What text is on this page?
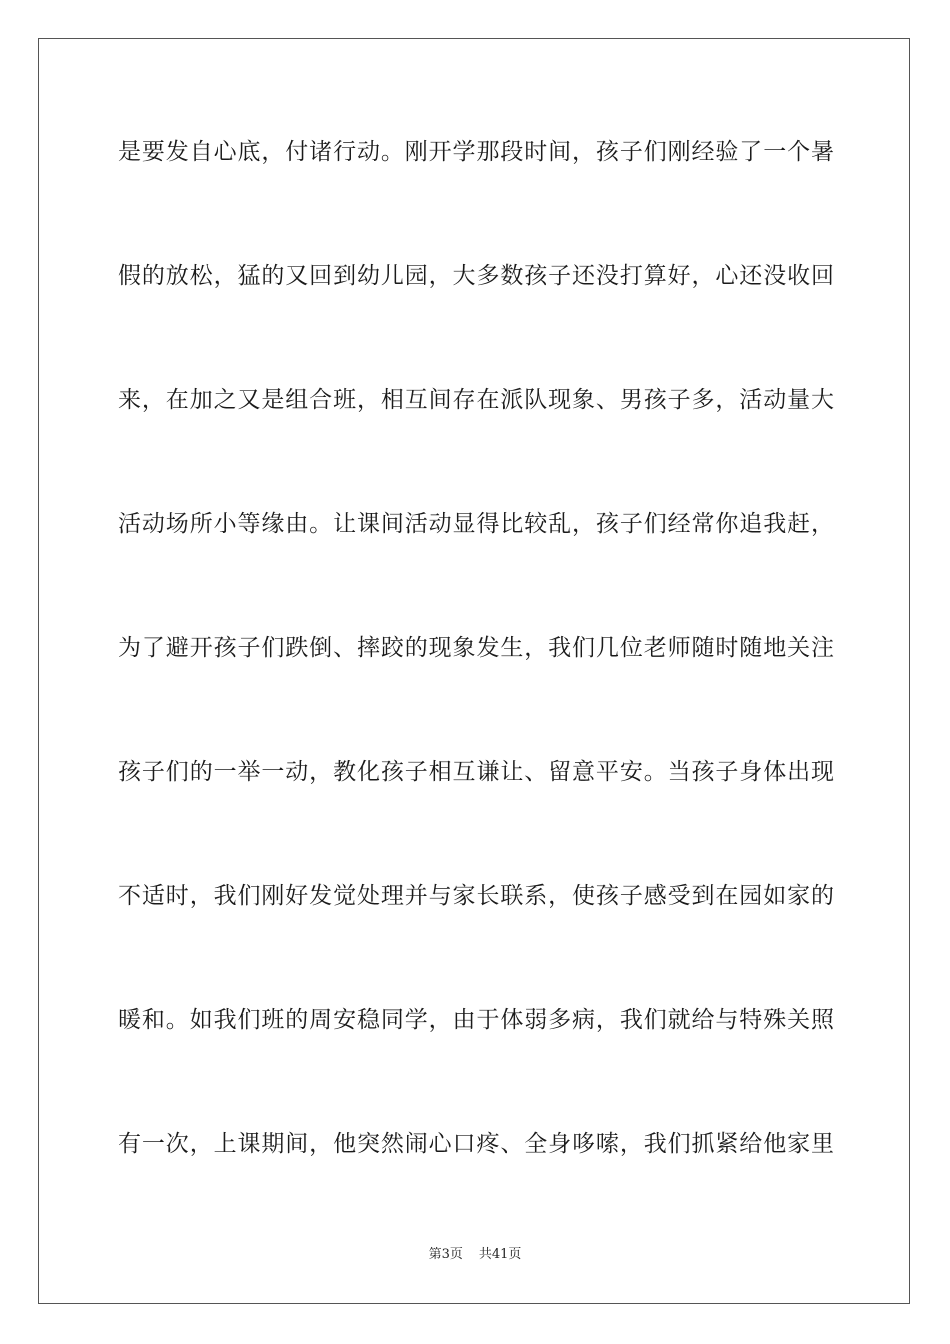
是要发自心底，付诸行动。刚开学那段时间，孩子们刚经验了一个暑
假的放松，猛的又回到幼儿园，大多数孩子还没打算好，心还没收回
来，在加之又是组合班，相互间存在派队现象、男孩子多，活动量大
活动场所小等缘由。让课间活动显得比较乱，孩子们经常你追我赶，
为了避开孩子们跌倒、摔跤的现象发生，我们几位老师随时随地关注
孩子们的一举一动，教化孩子相互谦让、留意平安。当孩子身体出现
不适时，我们刚好发觉处理并与家长联系，使孩子感受到在园如家的
暖和。如我们班的周安稳同学，由于体弱多病，我们就给与特殊关照
有一次，上课期间，他突然闹心口疼、全身哆嗦，我们抓紧给他家里
第3页 共41页
